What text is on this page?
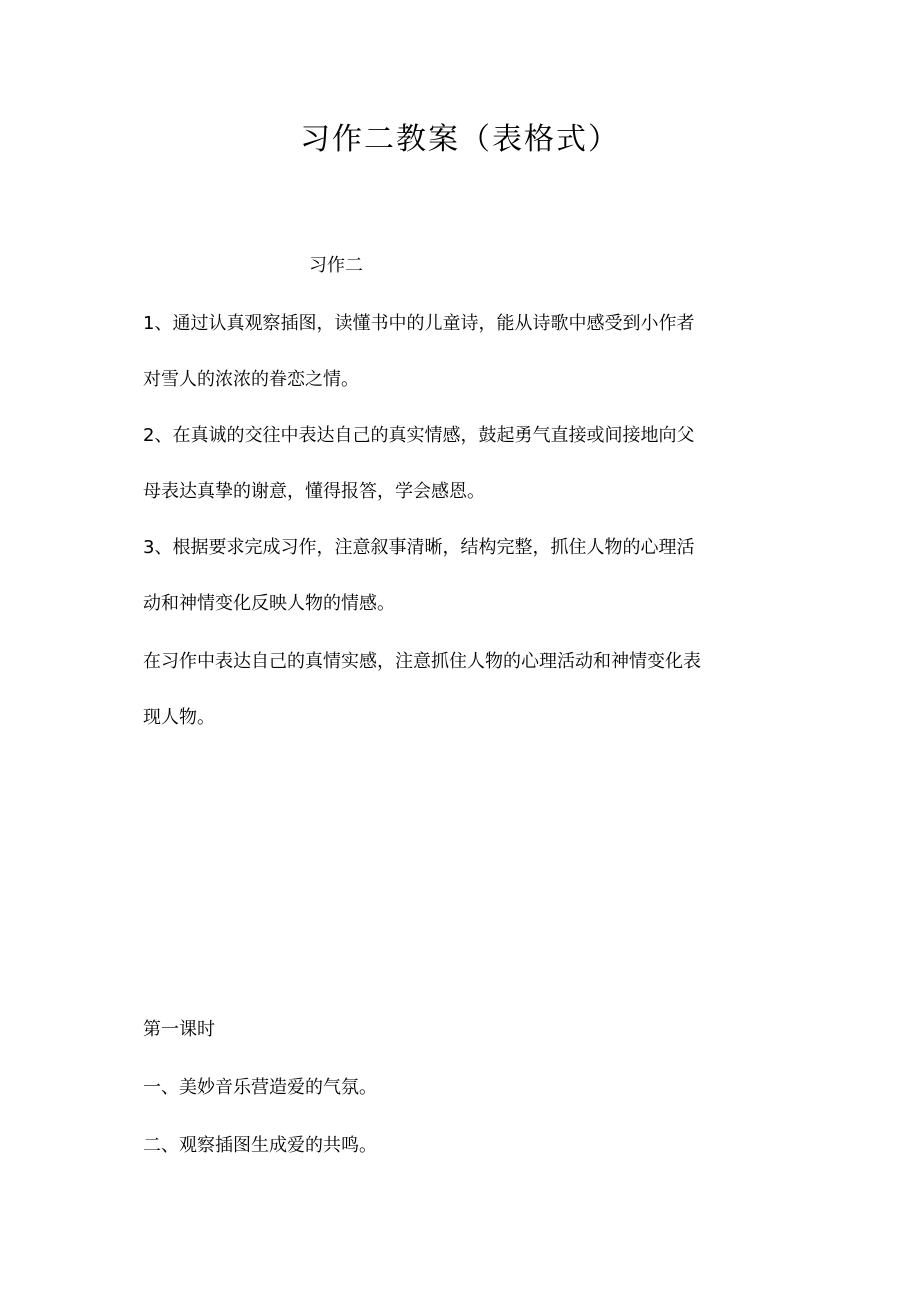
习作二教案（表格式）
习作二
1、通过认真观察插图，读懂书中的儿童诗，能从诗歌中感受到小作者
对雪人的浓浓的眷恋之情。
2、在真诚的交往中表达自己的真实情感，鼓起勇气直接或间接地向父
母表达真挚的谢意，懂得报答，学会感恩。
3、根据要求完成习作，注意叙事清晰，结构完整，抓住人物的心理活
动和神情变化反映人物的情感。
在习作中表达自己的真情实感，注意抓住人物的心理活动和神情变化表
现人物。
第一课时
一、美妙音乐营造爱的气氛。
二、观察插图生成爱的共鸣。
